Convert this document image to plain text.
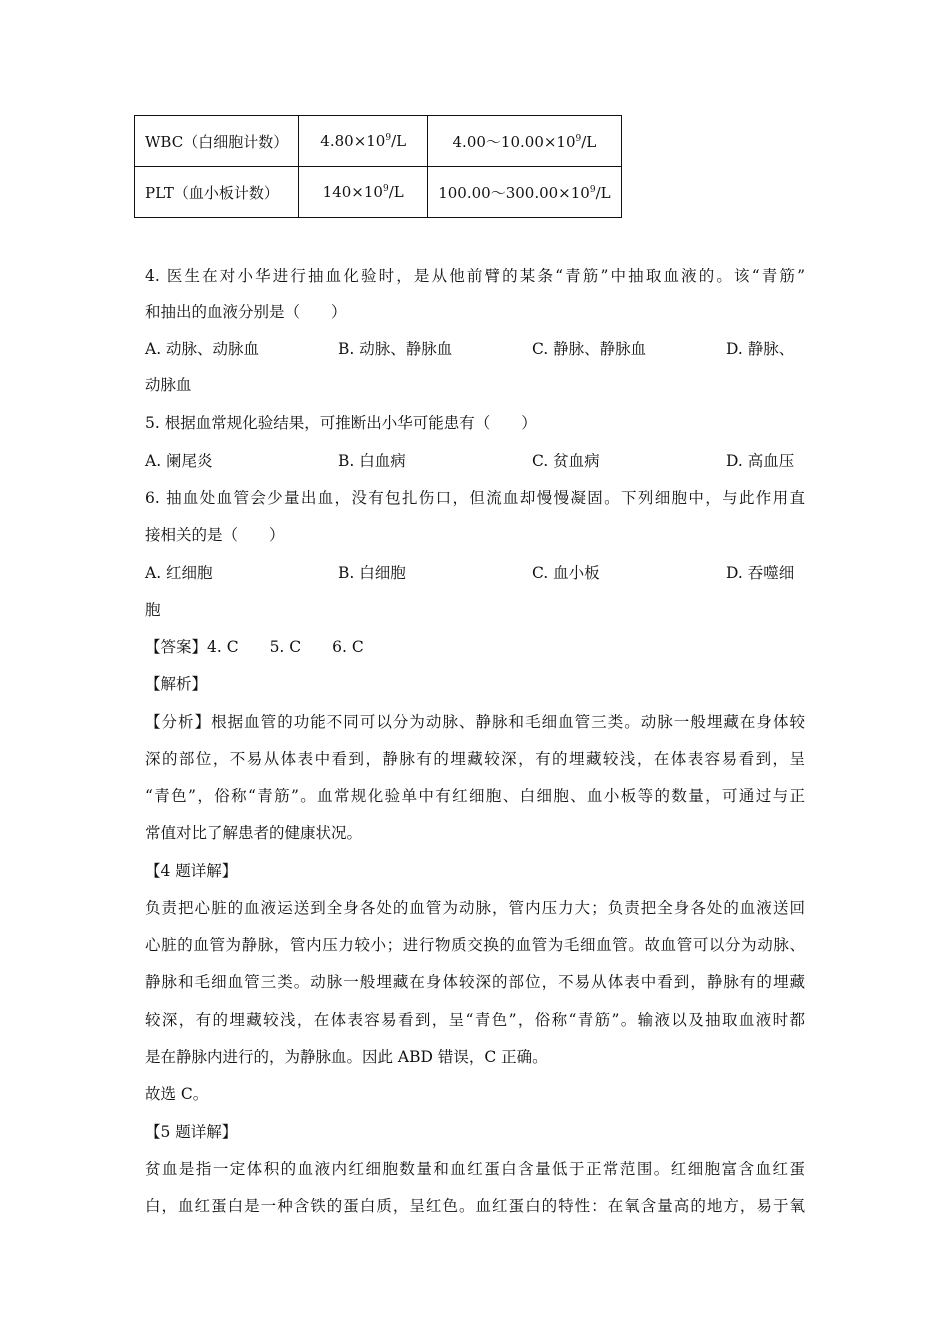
WBC（白细胞计数）	$4.80\times 10^9/L$	$4.00\sim 10.00\times 10^9/L$
PLT（血小板计数）	$140\times 10^9/L$	$100.00\sim 300.00\times 10^9/L$
4. 医生在对小华进行抽血化验时，是从他前臂的某条“青筋”中抽取血液的。该“青筋”
和抽出的血液分别是（　　）
A. 动脉、动脉血	B. 动脉、静脉血	C. 静脉、静脉血	D. 静脉、
动脉血
5. 根据血常规化验结果，可推断出小华可能患有（　　）
A. 阑尾炎	B. 白血病	C. 贫血病	D. 高血压
6. 抽血处血管会少量出血，没有包扎伤口，但流血却慢慢凝固。下列细胞中，与此作用直
接相关的是（　　）
A. 红细胞	B. 白细胞	C. 血小板	D. 吞噬细
胞
【答案】4. C　　5. C　　6. C
【解析】
【分析】根据血管的功能不同可以分为动脉、静脉和毛细血管三类。动脉一般埋藏在身体较
深的部位，不易从体表中看到，静脉有的埋藏较深，有的埋藏较浅，在体表容易看到，呈
“青色”，俗称“青筋”。血常规化验单中有红细胞、白细胞、血小板等的数量，可通过与正
常值对比了解患者的健康状况。
【4 题详解】
负责把心脏的血液运送到全身各处的血管为动脉，管内压力大；负责把全身各处的血液送回
心脏的血管为静脉，管内压力较小；进行物质交换的血管为毛细血管。故血管可以分为动脉、
静脉和毛细血管三类。动脉一般埋藏在身体较深的部位，不易从体表中看到，静脉有的埋藏
较深，有的埋藏较浅，在体表容易看到，呈“青色”，俗称“青筋”。输液以及抽取血液时都
是在静脉内进行的，为静脉血。因此 ABD 错误，C 正确。
故选 C。
【5 题详解】
贫血是指一定体积的血液内红细胞数量和血红蛋白含量低于正常范围。红细胞富含血红蛋
白，血红蛋白是一种含铁的蛋白质，呈红色。血红蛋白的特性：在氧含量高的地方，易于氧
